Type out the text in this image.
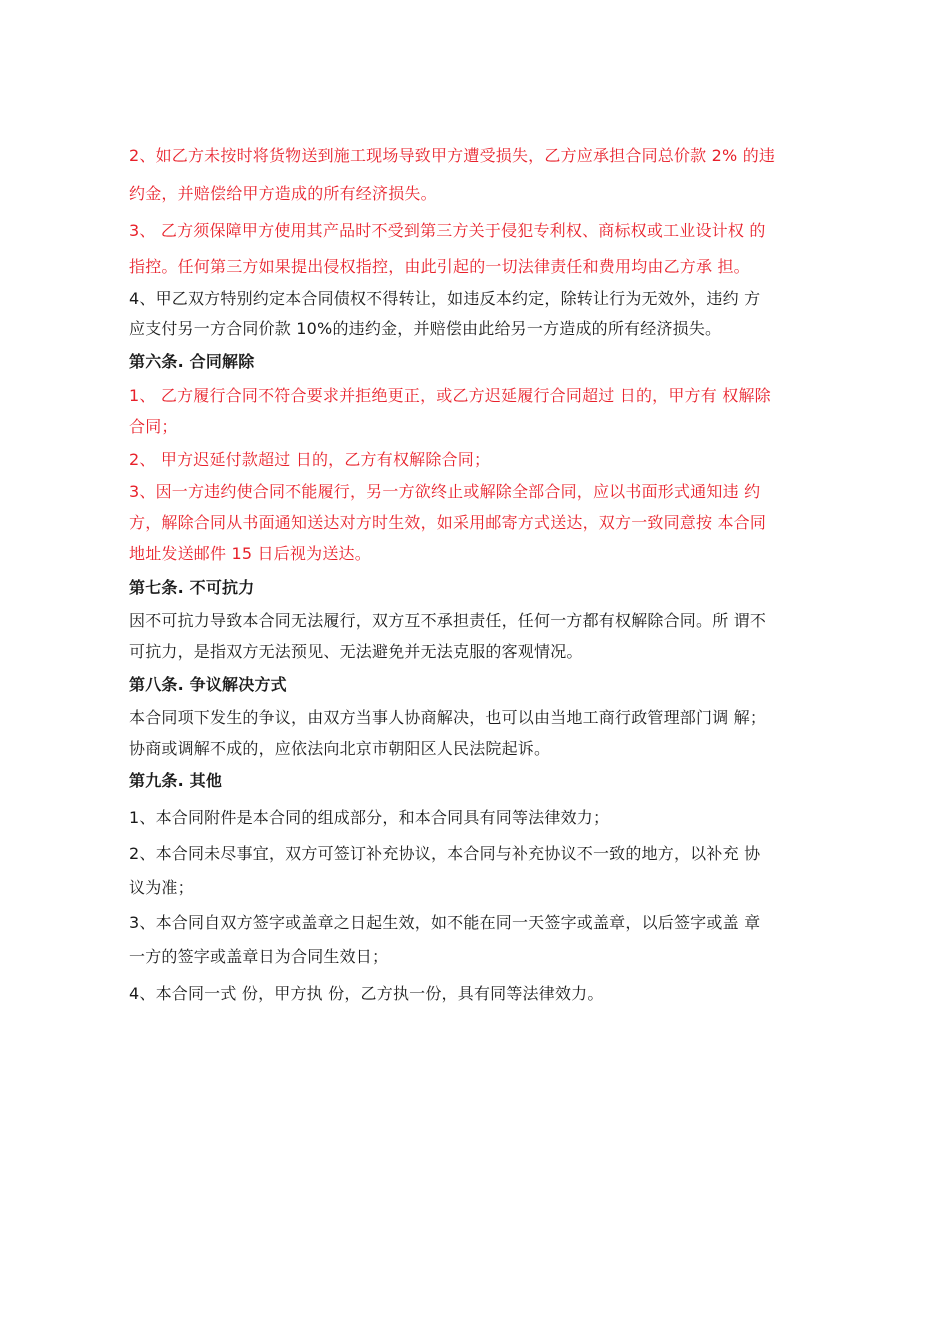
2、如乙方未按时将货物送到施工现场导致甲方遭受损失，乙方应承担合同总价款 2% 的违
约金，并赔偿给甲方造成的所有经济损失。
3、 乙方须保障甲方使用其产品时不受到第三方关于侵犯专利权、商标权或工业设计权 的
指控。任何第三方如果提出侵权指控，由此引起的一切法律责任和费用均由乙方承 担。
4、甲乙双方特别约定本合同债权不得转让，如违反本约定，除转让行为无效外，违约 方
应支付另一方合同价款 10%的违约金，并赔偿由此给另一方造成的所有经济损失。
第六条. 合同解除
1、 乙方履行合同不符合要求并拒绝更正，或乙方迟延履行合同超过 日的，甲方有 权解除
合同；
2、 甲方迟延付款超过 日的，乙方有权解除合同；
3、因一方违约使合同不能履行，另一方欲终止或解除全部合同，应以书面形式通知违 约
方，解除合同从书面通知送达对方时生效，如采用邮寄方式送达，双方一致同意按 本合同
地址发送邮件 15 日后视为送达。
第七条. 不可抗力
因不可抗力导致本合同无法履行，双方互不承担责任，任何一方都有权解除合同。所 谓不
可抗力，是指双方无法预见、无法避免并无法克服的客观情况。
第八条. 争议解决方式
本合同项下发生的争议，由双方当事人协商解决，也可以由当地工商行政管理部门调 解；
协商或调解不成的，应依法向北京市朝阳区人民法院起诉。
第九条. 其他
1、本合同附件是本合同的组成部分，和本合同具有同等法律效力；
2、本合同未尽事宜，双方可签订补充协议，本合同与补充协议不一致的地方，以补充 协
议为准；
3、本合同自双方签字或盖章之日起生效，如不能在同一天签字或盖章，以后签字或盖 章
一方的签字或盖章日为合同生效日；
4、本合同一式 份，甲方执 份，乙方执一份，具有同等法律效力。
